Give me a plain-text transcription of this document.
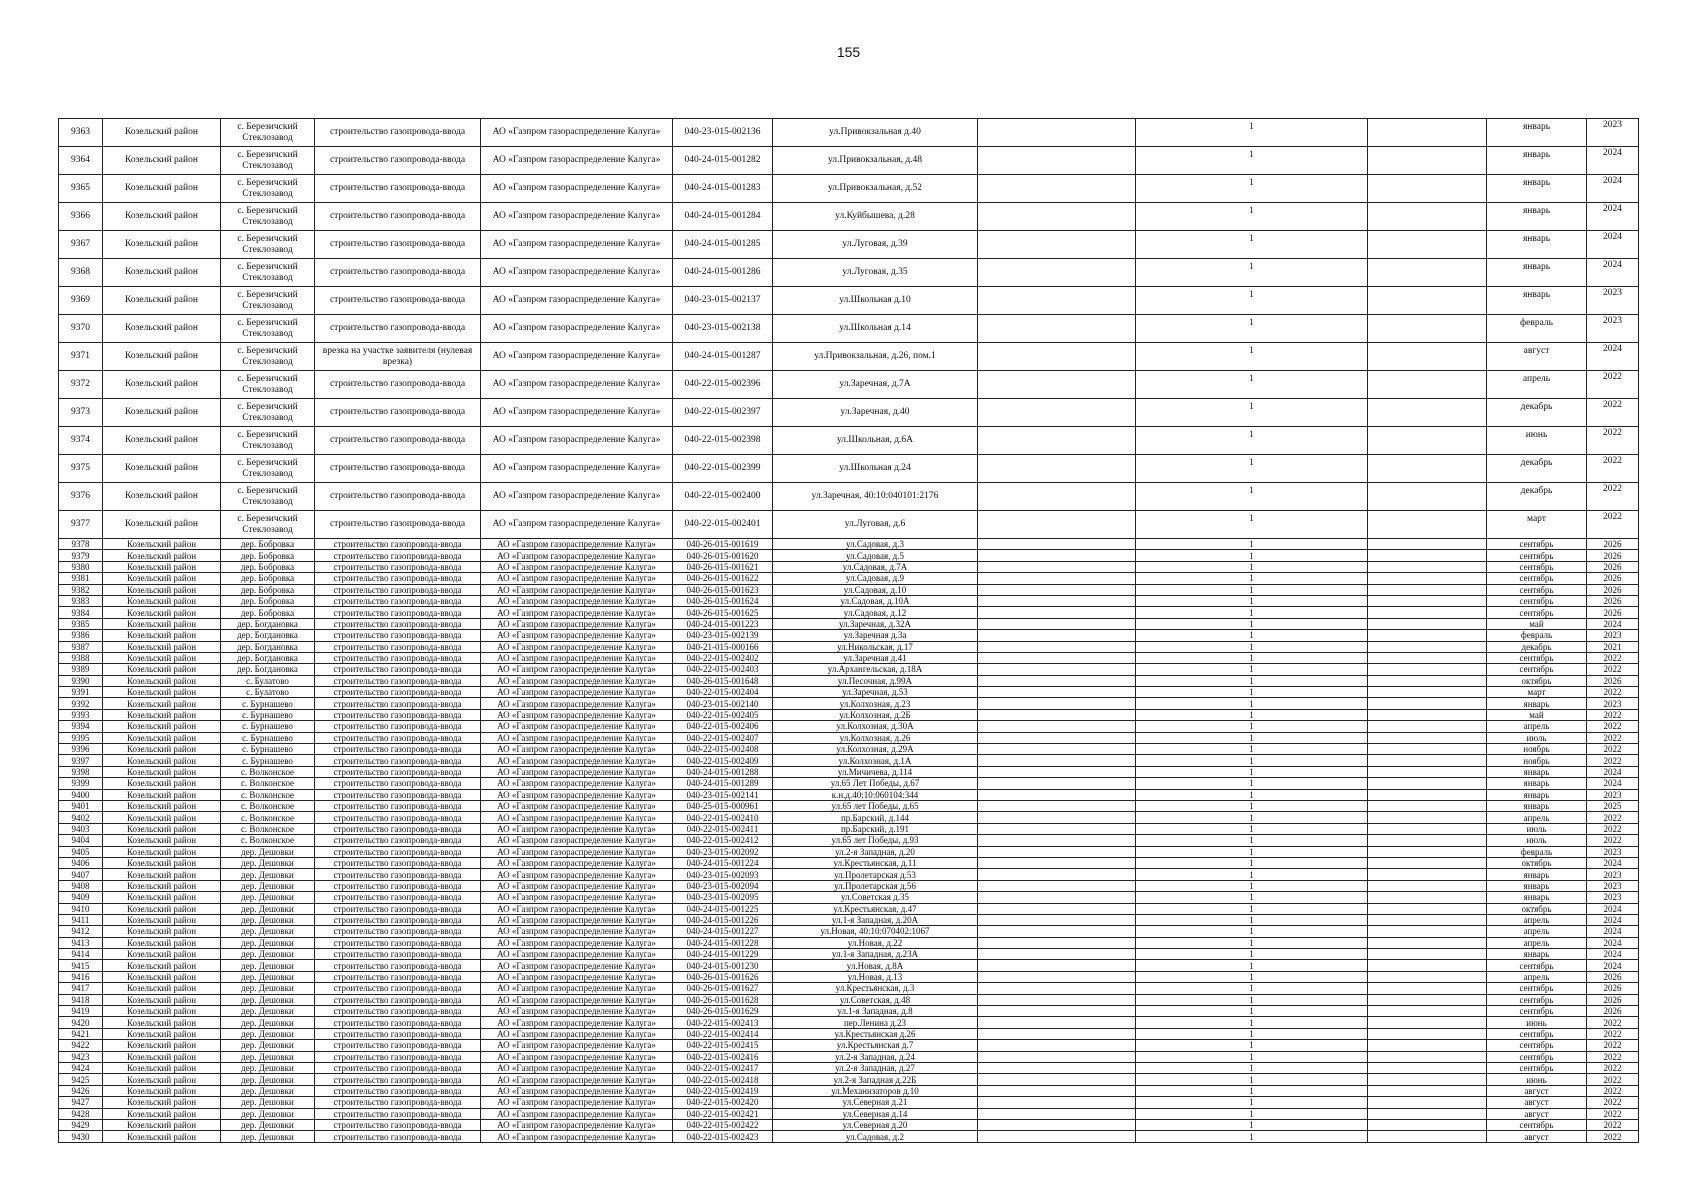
155
9363	Козельский район	с. Березичский Стеклозавод	строительство газопровода-ввода	АО «Газпром газораспределение Калуга»	040-23-015-002136	ул.Привокзальная д.40		1		январь	2023
9364	Козельский район	с. Березичский Стеклозавод	строительство газопровода-ввода	АО «Газпром газораспределение Калуга»	040-24-015-001282	ул.Привокзальная, д.48		1		январь	2024
9365	Козельский район	с. Березичский Стеклозавод	строительство газопровода-ввода	АО «Газпром газораспределение Калуга»	040-24-015-001283	ул.Привокзальная, д.52		1		январь	2024
9366	Козельский район	с. Березичский Стеклозавод	строительство газопровода-ввода	АО «Газпром газораспределение Калуга»	040-24-015-001284	ул.Куйбышева, д.28		1		январь	2024
9367	Козельский район	с. Березичский Стеклозавод	строительство газопровода-ввода	АО «Газпром газораспределение Калуга»	040-24-015-001285	ул.Луговая, д.39		1		январь	2024
9368	Козельский район	с. Березичский Стеклозавод	строительство газопровода-ввода	АО «Газпром газораспределение Калуга»	040-24-015-001286	ул.Луговая, д.35		1		январь	2024
9369	Козельский район	с. Березичский Стеклозавод	строительство газопровода-ввода	АО «Газпром газораспределение Калуга»	040-23-015-002137	ул.Школьная д.10		1		январь	2023
9370	Козельский район	с. Березичский Стеклозавод	строительство газопровода-ввода	АО «Газпром газораспределение Калуга»	040-23-015-002138	ул.Школьная д.14		1		февраль	2023
9371	Козельский район	с. Березичский Стеклозавод	врезка на участке заявителя (нулевая врезка)	АО «Газпром газораспределение Калуга»	040-24-015-001287	ул.Привокзальная, д.26, пом.1		1		август	2024
9372	Козельский район	с. Березичский Стеклозавод	строительство газопровода-ввода	АО «Газпром газораспределение Калуга»	040-22-015-002396	ул.Заречная, д.7А		1		апрель	2022
9373	Козельский район	с. Березичский Стеклозавод	строительство газопровода-ввода	АО «Газпром газораспределение Калуга»	040-22-015-002397	ул.Заречная, д.40		1		декабрь	2022
9374	Козельский район	с. Березичский Стеклозавод	строительство газопровода-ввода	АО «Газпром газораспределение Калуга»	040-22-015-002398	ул.Школьная, д.6А		1		июнь	2022
9375	Козельский район	с. Березичский Стеклозавод	строительство газопровода-ввода	АО «Газпром газораспределение Калуга»	040-22-015-002399	ул.Школьная д.24		1		декабрь	2022
9376	Козельский район	с. Березичский Стеклозавод	строительство газопровода-ввода	АО «Газпром газораспределение Калуга»	040-22-015-002400	ул.Заречная, 40:10:040101:2176		1		декабрь	2022
9377	Козельский район	с. Березичский Стеклозавод	строительство газопровода-ввода	АО «Газпром газораспределение Калуга»	040-22-015-002401	ул.Луговая, д.6		1		март	2022
9378	Козельский район	дер. Бобровка	строительство газопровода-ввода	АО «Газпром газораспределение Калуга»	040-26-015-001619	ул.Садовая, д.3		1		сентябрь	2026
9379	Козельский район	дер. Бобровка	строительство газопровода-ввода	АО «Газпром газораспределение Калуга»	040-26-015-001620	ул.Садовая, д.5		1		сентябрь	2026
9380	Козельский район	дер. Бобровка	строительство газопровода-ввода	АО «Газпром газораспределение Калуга»	040-26-015-001621	ул.Садовая, д.7А		1		сентябрь	2026
9381	Козельский район	дер. Бобровка	строительство газопровода-ввода	АО «Газпром газораспределение Калуга»	040-26-015-001622	ул.Садовая, д.9		1		сентябрь	2026
9382	Козельский район	дер. Бобровка	строительство газопровода-ввода	АО «Газпром газораспределение Калуга»	040-26-015-001623	ул.Садовая, д.10		1		сентябрь	2026
9383	Козельский район	дер. Бобровка	строительство газопровода-ввода	АО «Газпром газораспределение Калуга»	040-26-015-001624	ул.Садовая, д.10А		1		сентябрь	2026
9384	Козельский район	дер. Бобровка	строительство газопровода-ввода	АО «Газпром газораспределение Калуга»	040-26-015-001625	ул.Садовая, д.12		1		сентябрь	2026
9385	Козельский район	дер. Богдановка	строительство газопровода-ввода	АО «Газпром газораспределение Калуга»	040-24-015-001223	ул.Заречная, д.32А		1		май	2024
9386	Козельский район	дер. Богдановка	строительство газопровода-ввода	АО «Газпром газораспределение Калуга»	040-23-015-002139	ул.Заречная д.3а		1		февраль	2023
9387	Козельский район	дер. Богдановка	строительство газопровода-ввода	АО «Газпром газораспределение Калуга»	040-21-015-000166	ул.Никольская, д.17		1		декабрь	2021
9388	Козельский район	дер. Богдановка	строительство газопровода-ввода	АО «Газпром газораспределение Калуга»	040-22-015-002402	ул.Заречная д.41		1		сентябрь	2022
9389	Козельский район	дер. Богдановка	строительство газопровода-ввода	АО «Газпром газораспределение Калуга»	040-22-015-002403	ул.Архангельская, д.18А		1		сентябрь	2022
9390	Козельский район	с. Булатово	строительство газопровода-ввода	АО «Газпром газораспределение Калуга»	040-26-015-001648	ул.Песочная, д.99А		1		октябрь	2026
9391	Козельский район	с. Булатово	строительство газопровода-ввода	АО «Газпром газораспределение Калуга»	040-22-015-002404	ул.Заречная, д.53		1		март	2022
9392	Козельский район	с. Бурнашево	строительство газопровода-ввода	АО «Газпром газораспределение Калуга»	040-23-015-002140	ул.Колхозная, д.23		1		январь	2023
9393	Козельский район	с. Бурнашево	строительство газопровода-ввода	АО «Газпром газораспределение Калуга»	040-22-015-002405	ул.Колхозная, д.2Б		1		май	2022
9394	Козельский район	с. Бурнашево	строительство газопровода-ввода	АО «Газпром газораспределение Калуга»	040-22-015-002406	ул.Колхозная, д.30А		1		апрель	2022
9395	Козельский район	с. Бурнашево	строительство газопровода-ввода	АО «Газпром газораспределение Калуга»	040-22-015-002407	ул.Колхозная, д.26		1		июль	2022
9396	Козельский район	с. Бурнашево	строительство газопровода-ввода	АО «Газпром газораспределение Калуга»	040-22-015-002408	ул.Колхозная, д.29А		1		ноябрь	2022
9397	Козельский район	с. Бурнашево	строительство газопровода-ввода	АО «Газпром газораспределение Калуга»	040-22-015-002409	ул.Колхозная, д.1А		1		ноябрь	2022
9398	Козельский район	с. Волконское	строительство газопровода-ввода	АО «Газпром газораспределение Калуга»	040-24-015-001288	ул.Мичичева, д.114		1		январь	2024
9399	Козельский район	с. Волконское	строительство газопровода-ввода	АО «Газпром газораспределение Калуга»	040-24-015-001289	ул.65 Лет Победы, д.67		1		январь	2024
9400	Козельский район	с. Волконское	строительство газопровода-ввода	АО «Газпром газораспределение Калуга»	040-23-015-002141	к.н.д.40:10:060104:344		1		январь	2023
9401	Козельский район	с. Волконское	строительство газопровода-ввода	АО «Газпром газораспределение Калуга»	040-25-015-000961	ул.65 лет Победы, д.65		1		январь	2025
9402	Козельский район	с. Волконское	строительство газопровода-ввода	АО «Газпром газораспределение Калуга»	040-22-015-002410	пр.Барский, д.144		1		апрель	2022
9403	Козельский район	с. Волконское	строительство газопровода-ввода	АО «Газпром газораспределение Калуга»	040-22-015-002411	пр.Барский, д.191		1		июль	2022
9404	Козельский район	с. Волконское	строительство газопровода-ввода	АО «Газпром газораспределение Калуга»	040-22-015-002412	ул.65 лет Победы, д.93		1		июль	2022
9405	Козельский район	дер. Дешовки	строительство газопровода-ввода	АО «Газпром газораспределение Калуга»	040-23-015-002092	ул.2-я Западная, д.20		1		февраль	2023
9406	Козельский район	дер. Дешовки	строительство газопровода-ввода	АО «Газпром газораспределение Калуга»	040-24-015-001224	ул.Крестьянская, д.11		1		октябрь	2024
9407	Козельский район	дер. Дешовки	строительство газопровода-ввода	АО «Газпром газораспределение Калуга»	040-23-015-002093	ул.Пролетарская д.53		1		январь	2023
9408	Козельский район	дер. Дешовки	строительство газопровода-ввода	АО «Газпром газораспределение Калуга»	040-23-015-002094	ул.Пролетарская д.56		1		январь	2023
9409	Козельский район	дер. Дешовки	строительство газопровода-ввода	АО «Газпром газораспределение Калуга»	040-23-015-002095	ул.Советская д.35		1		январь	2023
9410	Козельский район	дер. Дешовки	строительство газопровода-ввода	АО «Газпром газораспределение Калуга»	040-24-015-001225	ул.Крестьянская, д.47		1		октябрь	2024
9411	Козельский район	дер. Дешовки	строительство газопровода-ввода	АО «Газпром газораспределение Калуга»	040-24-015-001226	ул.1-я Западная, д.20А		1		апрель	2024
9412	Козельский район	дер. Дешовки	строительство газопровода-ввода	АО «Газпром газораспределение Калуга»	040-24-015-001227	ул.Новая, 40:10:070402:1067		1		апрель	2024
9413	Козельский район	дер. Дешовки	строительство газопровода-ввода	АО «Газпром газораспределение Калуга»	040-24-015-001228	ул.Новая, д.22		1		апрель	2024
9414	Козельский район	дер. Дешовки	строительство газопровода-ввода	АО «Газпром газораспределение Калуга»	040-24-015-001229	ул.1-я Западная, д.23А		1		январь	2024
9415	Козельский район	дер. Дешовки	строительство газопровода-ввода	АО «Газпром газораспределение Калуга»	040-24-015-001230	ул.Новая, д.8А		1		сентябрь	2024
9416	Козельский район	дер. Дешовки	строительство газопровода-ввода	АО «Газпром газораспределение Калуга»	040-26-015-001626	ул.Новая, д.13		1		апрель	2026
9417	Козельский район	дер. Дешовки	строительство газопровода-ввода	АО «Газпром газораспределение Калуга»	040-26-015-001627	ул.Крестьянская, д.3		1		сентябрь	2026
9418	Козельский район	дер. Дешовки	строительство газопровода-ввода	АО «Газпром газораспределение Калуга»	040-26-015-001628	ул.Советская, д.48		1		сентябрь	2026
9419	Козельский район	дер. Дешовки	строительство газопровода-ввода	АО «Газпром газораспределение Калуга»	040-26-015-001629	ул.1-я Западная, д.8		1		сентябрь	2026
9420	Козельский район	дер. Дешовки	строительство газопровода-ввода	АО «Газпром газораспределение Калуга»	040-22-015-002413	пер.Ленина д.23		1		июнь	2022
9421	Козельский район	дер. Дешовки	строительство газопровода-ввода	АО «Газпром газораспределение Калуга»	040-22-015-002414	ул.Крестьянская д.26		1		сентябрь	2022
9422	Козельский район	дер. Дешовки	строительство газопровода-ввода	АО «Газпром газораспределение Калуга»	040-22-015-002415	ул.Крестьянская д.7		1		сентябрь	2022
9423	Козельский район	дер. Дешовки	строительство газопровода-ввода	АО «Газпром газораспределение Калуга»	040-22-015-002416	ул.2-я Западная, д.24		1		сентябрь	2022
9424	Козельский район	дер. Дешовки	строительство газопровода-ввода	АО «Газпром газораспределение Калуга»	040-22-015-002417	ул.2-я Западная, д.27		1		сентябрь	2022
9425	Козельский район	дер. Дешовки	строительство газопровода-ввода	АО «Газпром газораспределение Калуга»	040-22-015-002418	ул.2-я Западная д.22Б		1		июнь	2022
9426	Козельский район	дер. Дешовки	строительство газопровода-ввода	АО «Газпром газораспределение Калуга»	040-22-015-002419	ул.Механизаторов д.10		1		август	2022
9427	Козельский район	дер. Дешовки	строительство газопровода-ввода	АО «Газпром газораспределение Калуга»	040-22-015-002420	ул.Северная д.21		1		август	2022
9428	Козельский район	дер. Дешовки	строительство газопровода-ввода	АО «Газпром газораспределение Калуга»	040-22-015-002421	ул.Северная д.14		1		август	2022
9429	Козельский район	дер. Дешовки	строительство газопровода-ввода	АО «Газпром газораспределение Калуга»	040-22-015-002422	ул.Северная д.20		1		сентябрь	2022
9430	Козельский район	дер. Дешовки	строительство газопровода-ввода	АО «Газпром газораспределение Калуга»	040-22-015-002423	ул.Садовая, д.2		1		август	2022
